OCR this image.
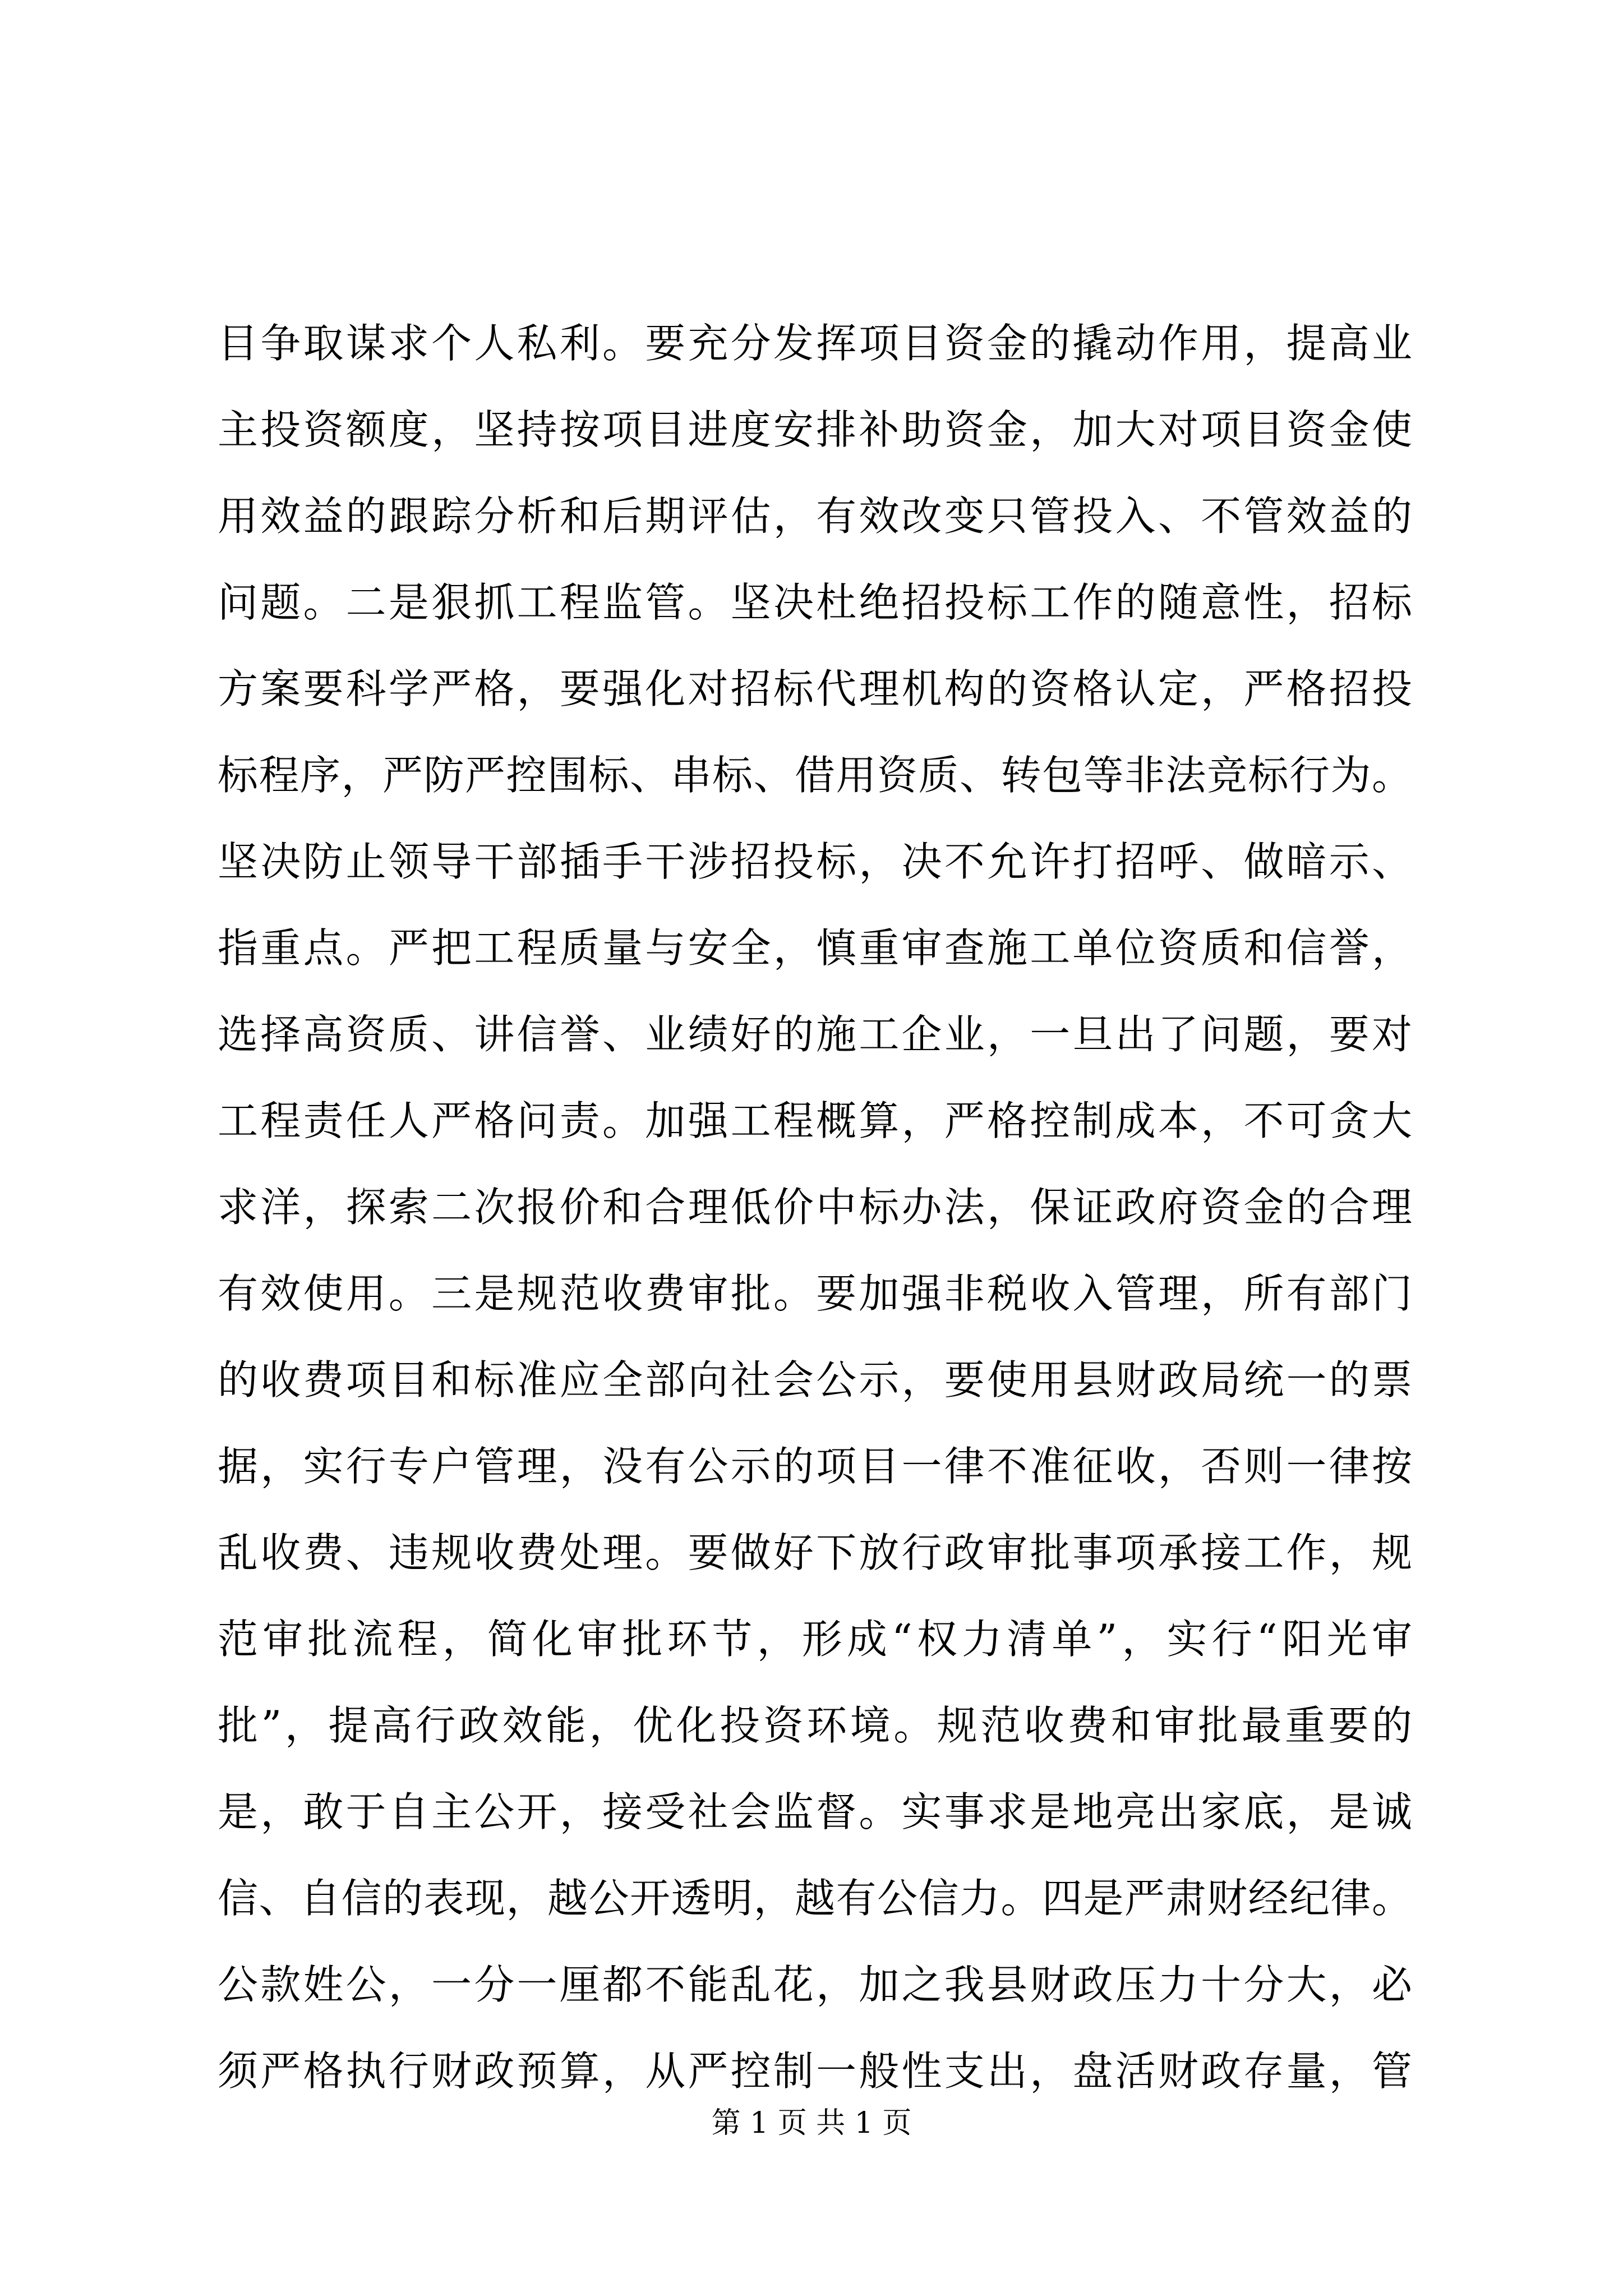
目争取谋求个人私利。要充分发挥项目资金的撬动作用，提高业
主投资额度，坚持按项目进度安排补助资金，加大对项目资金使
用效益的跟踪分析和后期评估，有效改变只管投入、不管效益的
问题。二是狠抓工程监管。坚决杜绝招投标工作的随意性，招标
方案要科学严格，要强化对招标代理机构的资格认定，严格招投
标程序，严防严控围标、串标、借用资质、转包等非法竞标行为。
坚决防止领导干部插手干涉招投标，决不允许打招呼、做暗示、
指重点。严把工程质量与安全，慎重审查施工单位资质和信誉，
选择高资质、讲信誉、业绩好的施工企业，一旦出了问题，要对
工程责任人严格问责。加强工程概算，严格控制成本，不可贪大
求洋，探索二次报价和合理低价中标办法，保证政府资金的合理
有效使用。三是规范收费审批。要加强非税收入管理，所有部门
的收费项目和标准应全部向社会公示，要使用县财政局统一的票
据，实行专户管理，没有公示的项目一律不准征收，否则一律按
乱收费、违规收费处理。要做好下放行政审批事项承接工作，规
范审批流程，简化审批环节，形成“权力清单”，实行“阳光审
批”，提高行政效能，优化投资环境。规范收费和审批最重要的
是，敢于自主公开，接受社会监督。实事求是地亮出家底，是诚
信、自信的表现，越公开透明，越有公信力。四是严肃财经纪律。
公款姓公，一分一厘都不能乱花，加之我县财政压力十分大，必
须严格执行财政预算，从严控制一般性支出，盘活财政存量，管
第 1 页 共 1 页
